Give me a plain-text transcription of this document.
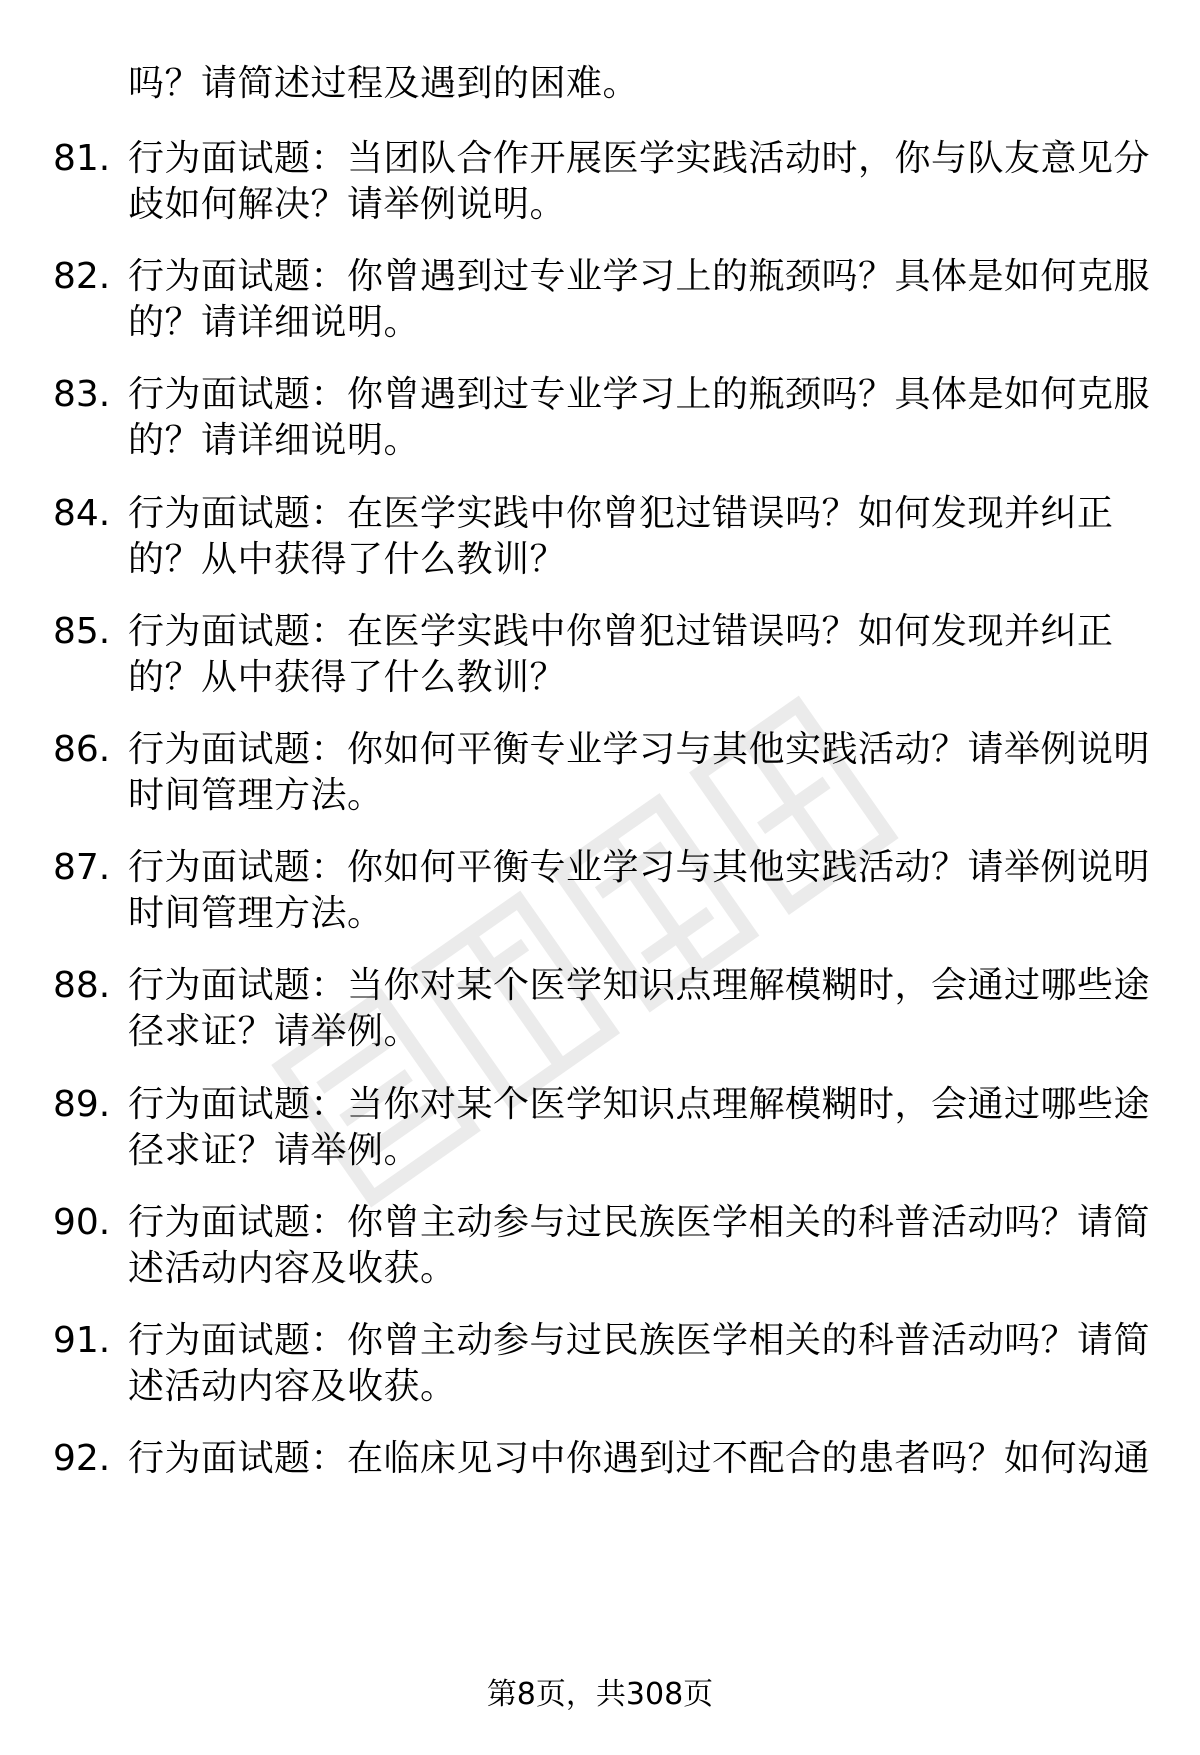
吗？请简述过程及遇到的困难。
81. 行为面试题：当团队合作开展医学实践活动时，你与队友意见分
歧如何解决？请举例说明。
82. 行为面试题：你曾遇到过专业学习上的瓶颈吗？具体是如何克服
的？请详细说明。
83. 行为面试题：你曾遇到过专业学习上的瓶颈吗？具体是如何克服
的？请详细说明。
84. 行为面试题：在医学实践中你曾犯过错误吗？如何发现并纠正
的？从中获得了什么教训？
85. 行为面试题：在医学实践中你曾犯过错误吗？如何发现并纠正
的？从中获得了什么教训？
86. 行为面试题：你如何平衡专业学习与其他实践活动？请举例说明
时间管理方法。
87. 行为面试题：你如何平衡专业学习与其他实践活动？请举例说明
时间管理方法。
88. 行为面试题：当你对某个医学知识点理解模糊时，会通过哪些途
径求证？请举例。
89. 行为面试题：当你对某个医学知识点理解模糊时，会通过哪些途
径求证？请举例。
90. 行为面试题：你曾主动参与过民族医学相关的科普活动吗？请简
述活动内容及收获。
91. 行为面试题：你曾主动参与过民族医学相关的科普活动吗？请简
述活动内容及收获。
92. 行为面试题：在临床见习中你遇到过不配合的患者吗？如何沟通
第8页，共308页
